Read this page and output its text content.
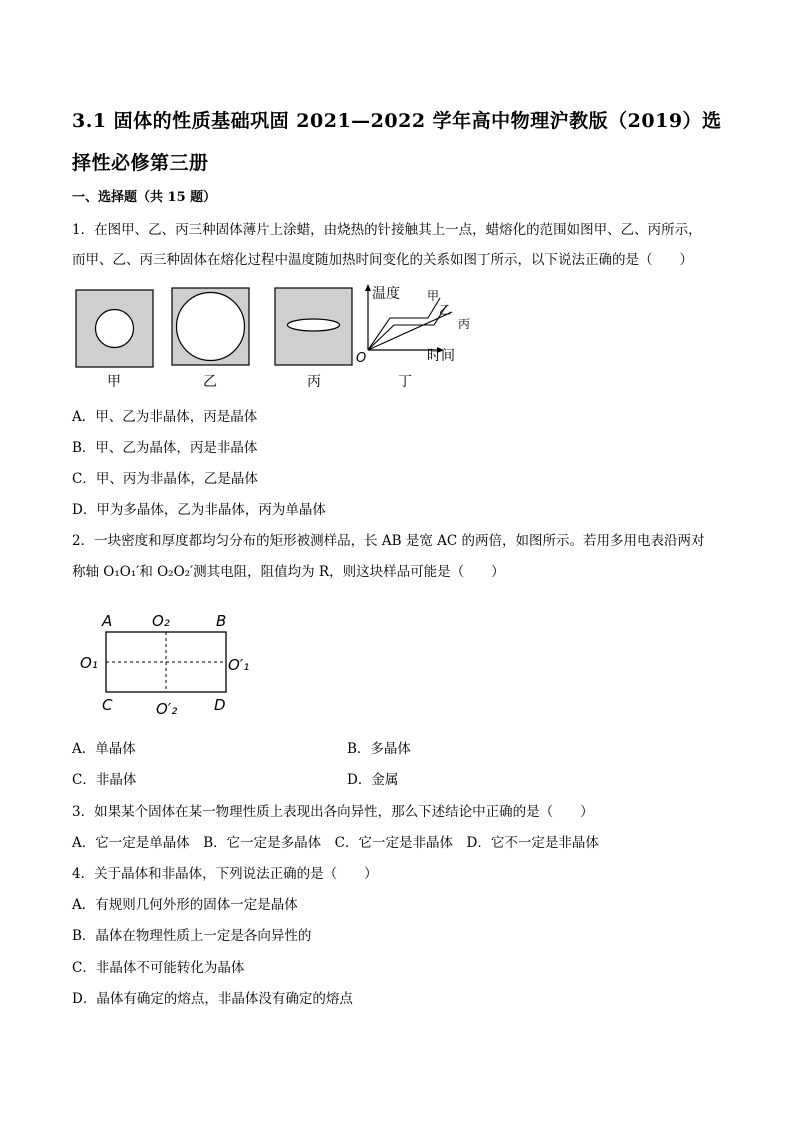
3.1 固体的性质基础巩固 2021—2022 学年高中物理沪教版（2019）选
择性必修第三册
一、选择题（共 15 题）
1．在图甲、乙、丙三种固体薄片上涂蜡，由烧热的针接触其上一点，蜡熔化的范围如图甲、乙、丙所示，
而甲、乙、丙三种固体在熔化过程中温度随加热时间变化的关系如图丁所示，以下说法正确的是（　　）
温度
时间
O
甲
乙
丙
甲	乙	丙	丁
A．甲、乙为非晶体，丙是晶体
B．甲、乙为晶体，丙是非晶体
C．甲、丙为非晶体，乙是晶体
D．甲为多晶体，乙为非晶体，丙为单晶体
2．一块密度和厚度都均匀分布的矩形被测样品，长 AB 是宽 AC 的两倍，如图所示。若用多用电表沿两对
称轴 O₁O₁′和 O₂O₂′测其电阻，阻值均为 R，则这块样品可能是（　　）
A	B
C	D
O₂
O′₂
O₁	O′₁
A．单晶体	B．多晶体
C．非晶体	D．金属
3．如果某个固体在某一物理性质上表现出各向异性，那么下述结论中正确的是（　　）
A．它一定是单晶体　B．它一定是多晶体　C．它一定是非晶体　D．它不一定是非晶体
4．关于晶体和非晶体，下列说法正确的是（　　）
A．有规则几何外形的固体一定是晶体
B．晶体在物理性质上一定是各向异性的
C．非晶体不可能转化为晶体
D．晶体有确定的熔点，非晶体没有确定的熔点
